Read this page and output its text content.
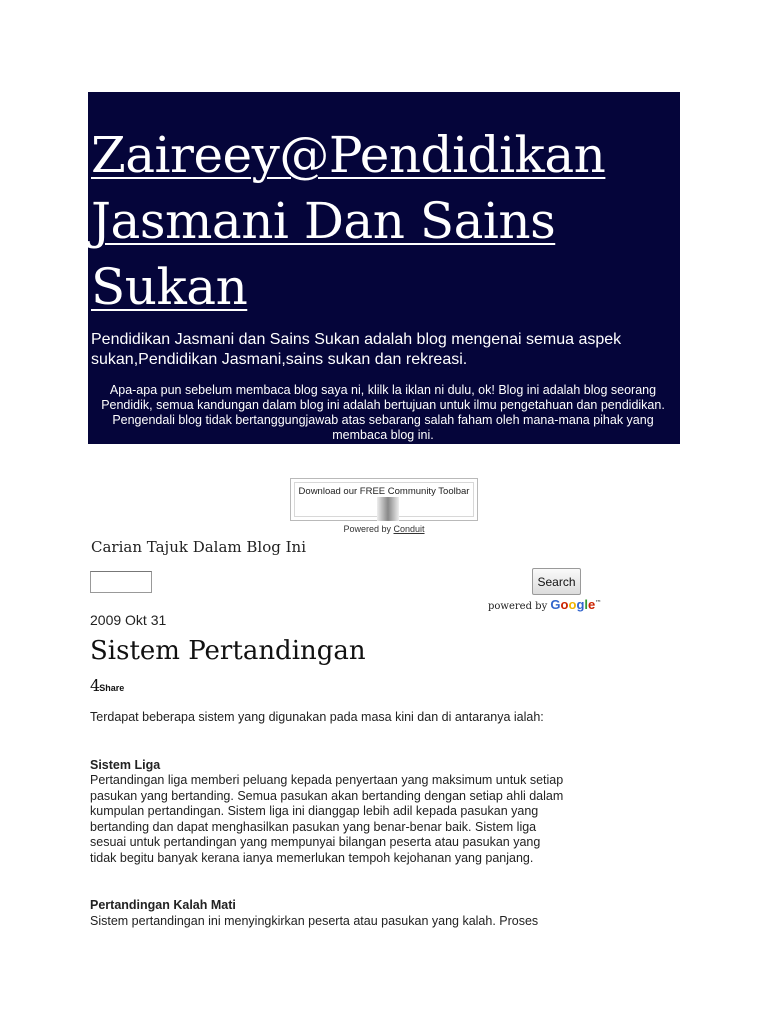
Zaireey@Pendidikan Jasmani Dan Sains Sukan

Pendidikan Jasmani dan Sains Sukan adalah blog mengenai semua aspek sukan,Pendidikan Jasmani,sains sukan dan rekreasi.

Apa-apa pun sebelum membaca blog saya ni, klilk la iklan ni dulu, ok! Blog ini adalah blog seorang Pendidik, semua kandungan dalam blog ini adalah bertujuan untuk ilmu pengetahuan dan pendidikan. Pengendali blog tidak bertanggungjawab atas sebarang salah faham oleh mana-mana pihak yang membaca blog ini.

Download our FREE Community Toolbar
Powered by Conduit
Carian Tajuk Dalam Blog Ini
Search
powered by Google™

2009 Okt 31

Sistem Pertandingan
4Share

Terdapat beberapa sistem yang digunakan pada masa kini dan di antaranya ialah:

Sistem Liga

Pertandingan liga memberi peluang kepada penyertaan yang maksimum untuk setiap pasukan yang bertanding. Semua pasukan akan bertanding dengan setiap ahli dalam kumpulan pertandingan. Sistem liga ini dianggap lebih adil kepada pasukan yang bertanding dan dapat menghasilkan pasukan yang benar-benar baik. Sistem liga sesuai untuk pertandingan yang mempunyai bilangan peserta atau pasukan yang tidak begitu banyak kerana ianya memerlukan tempoh kejohanan yang panjang.

Pertandingan Kalah Mati

Sistem pertandingan ini menyingkirkan peserta atau pasukan yang kalah. Proses
